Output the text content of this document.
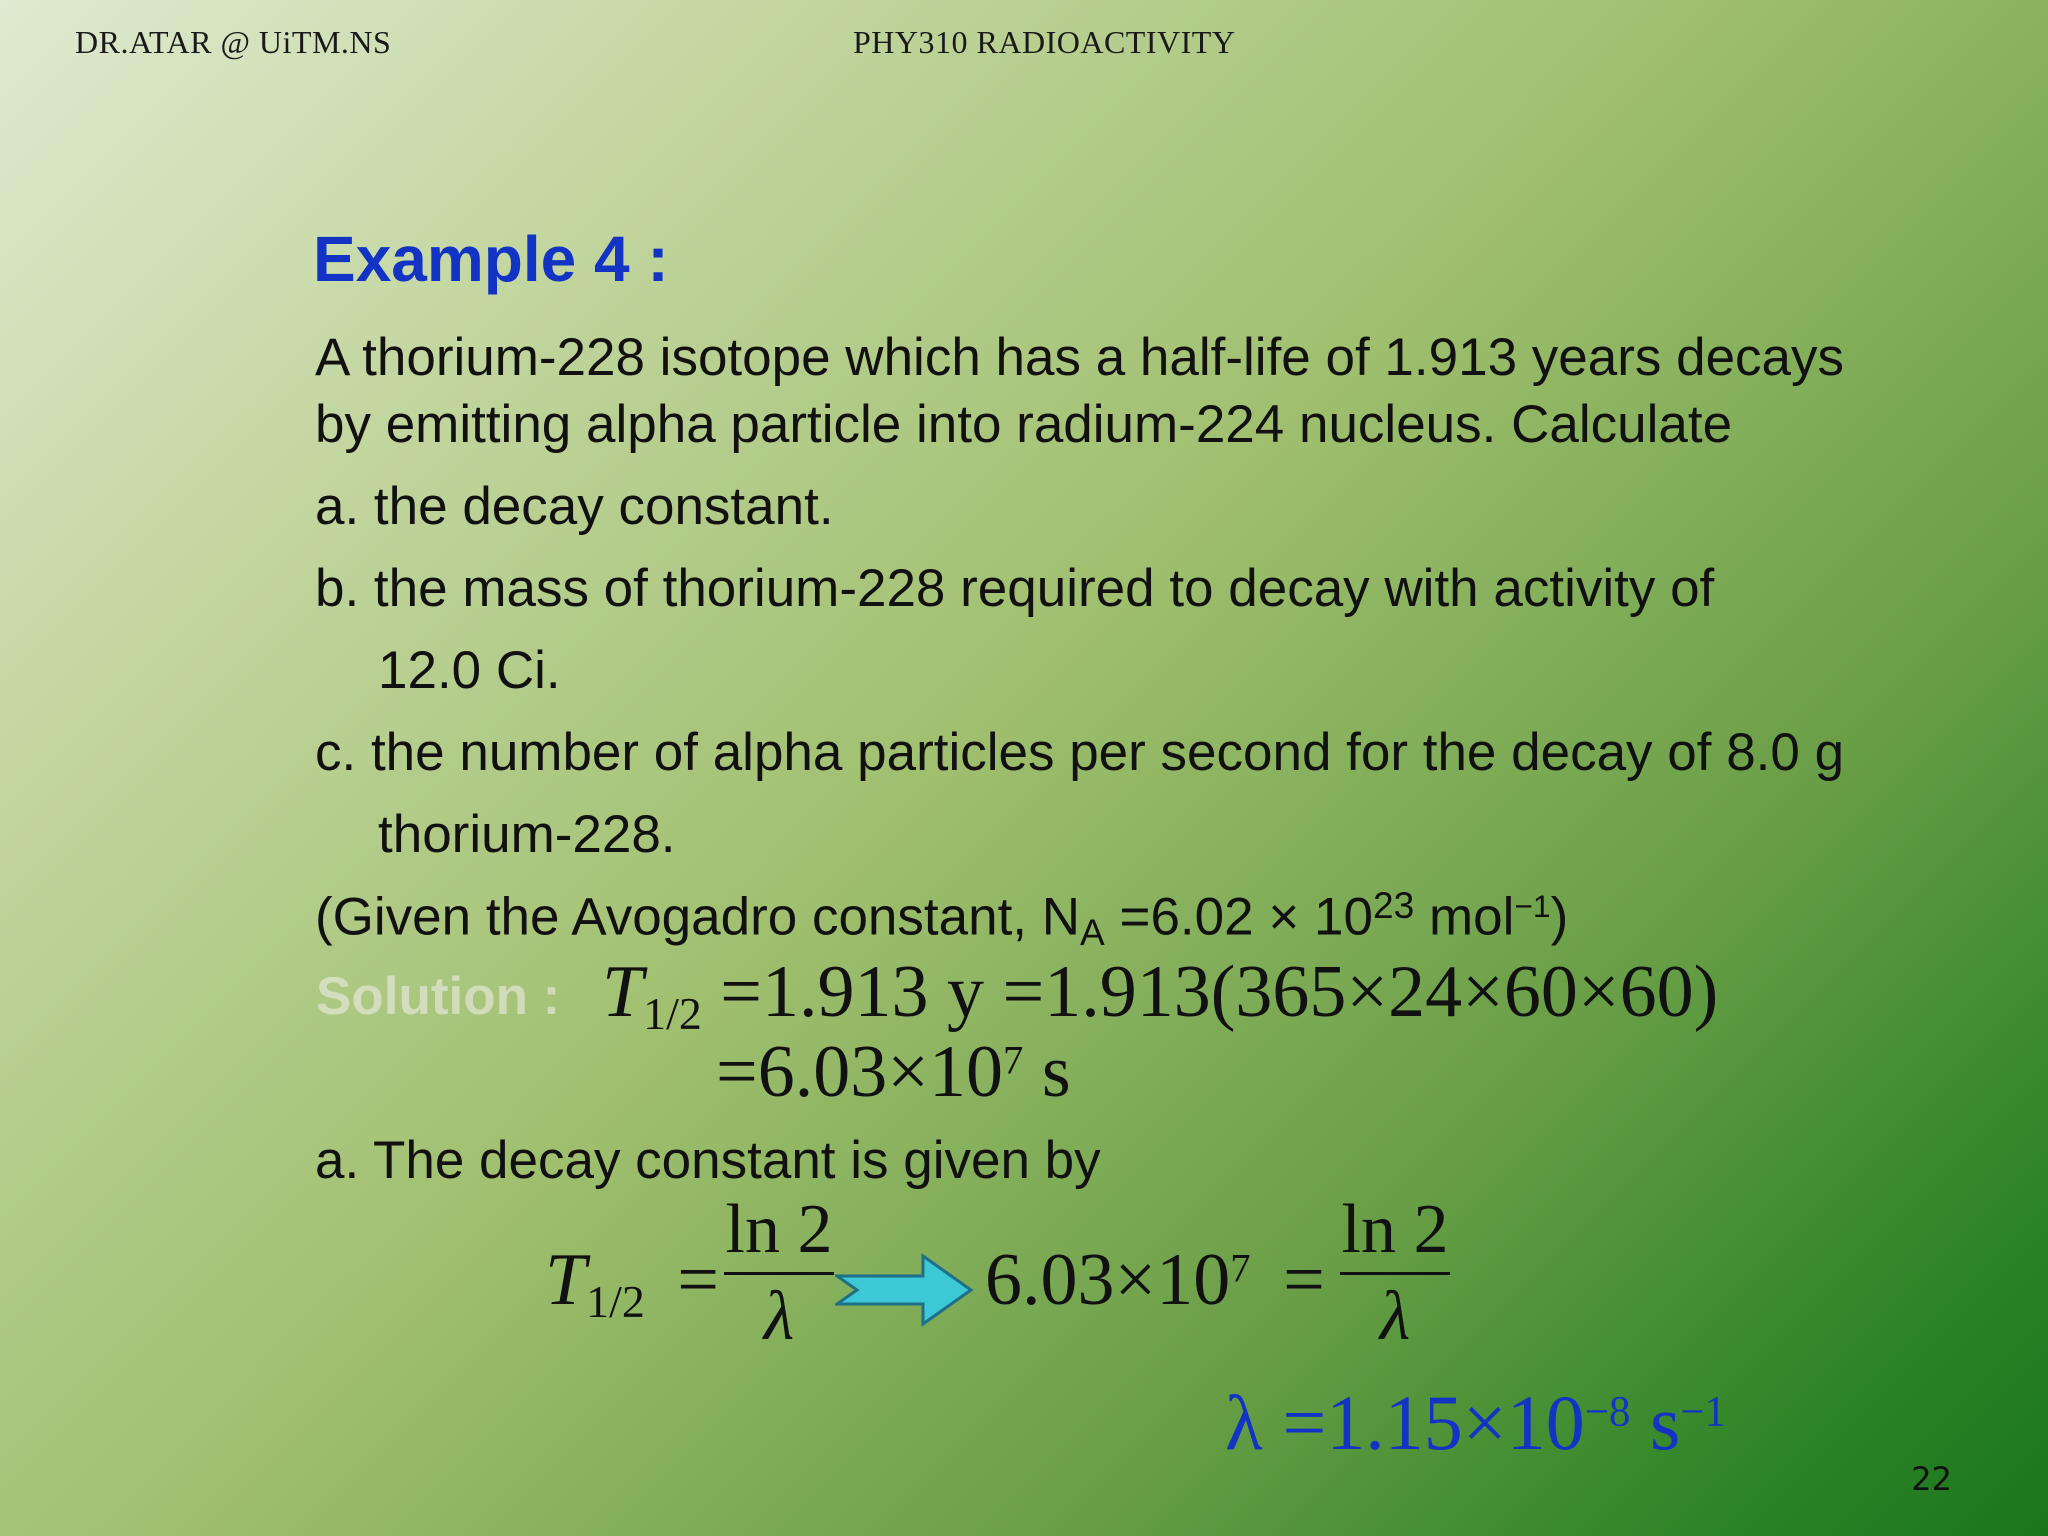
DR.ATAR @ UiTM.NS	PHY310 RADIOACTIVITY
Example 4 :
A thorium-228 isotope which has a half-life of 1.913 years decays
by emitting alpha particle into radium-224 nucleus. Calculate
a. the decay constant.
b. the mass of thorium-228 required to decay with activity of
12.0 Ci.
c. the number of alpha particles per second for the decay of 8.0 g
thorium-228.
(Given the Avogadro constant, $N_A =6.02 \times 10^{23}$ mol$^{-1}$)
Solution : $T_{1/2} =1.913$ y =1.913(365×24×60×60)
$=6.03\times 10^7$ s
a. The decay constant is given by
$T_{1/2}$ =
ln 2
λ	$6.03\times 10^7$ =
ln 2
λ
$\lambda =1.15\times 10^{-8}$ $s^{-1}$
22
